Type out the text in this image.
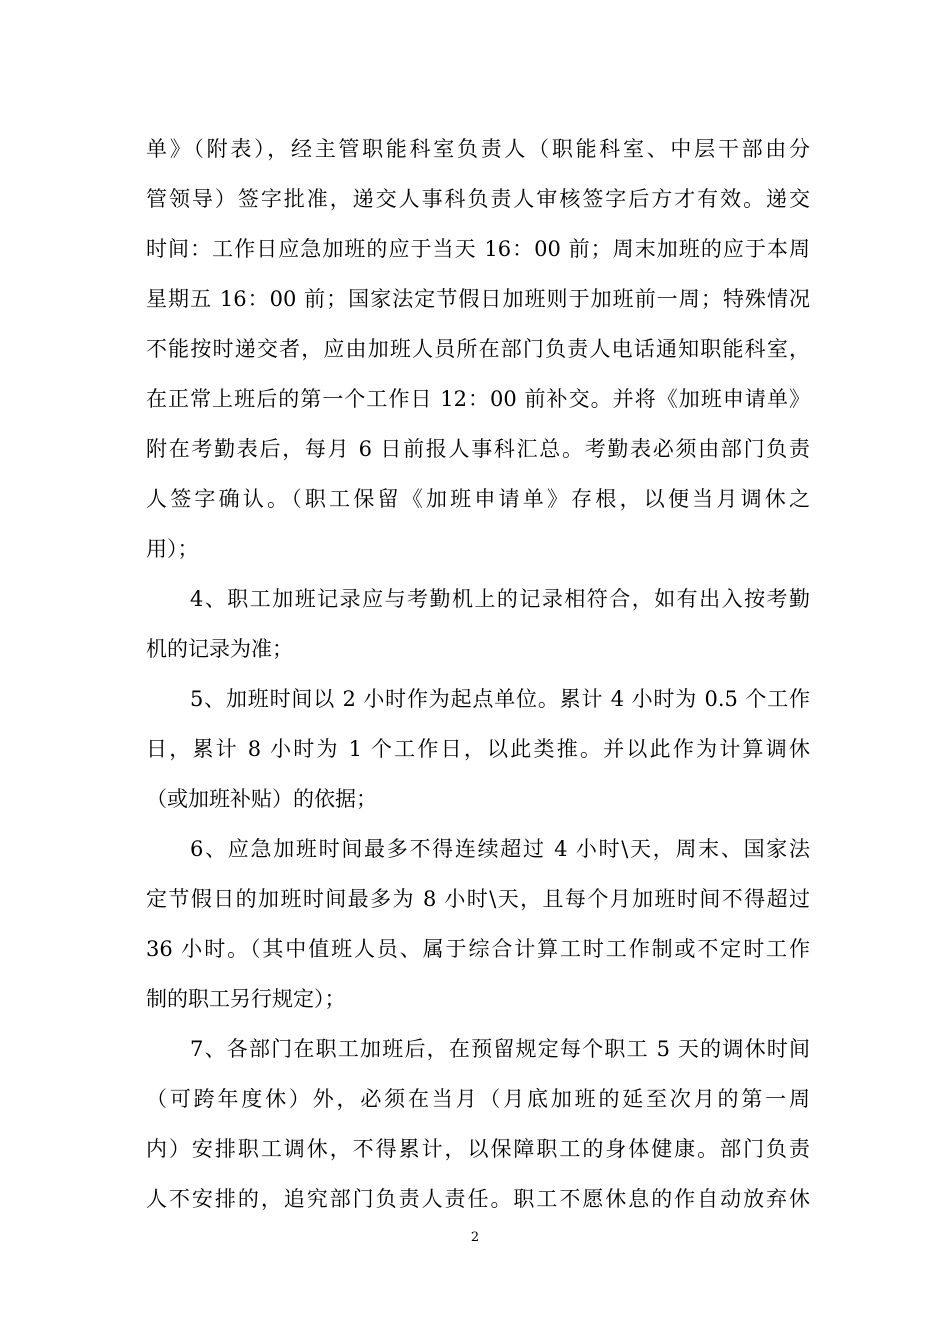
单》（附表），经主管职能科室负责人（职能科室、中层干部由分
管领导）签字批准，递交人事科负责人审核签字后方才有效。递交
时间：工作日应急加班的应于当天 16：00 前；周末加班的应于本周
星期五 16：00 前；国家法定节假日加班则于加班前一周；特殊情况
不能按时递交者，应由加班人员所在部门负责人电话通知职能科室，
在正常上班后的第一个工作日 12：00 前补交。并将《加班申请单》
附在考勤表后，每月 6 日前报人事科汇总。考勤表必须由部门负责
人签字确认。（职工保留《加班申请单》存根，以便当月调休之
用）；
4、职工加班记录应与考勤机上的记录相符合，如有出入按考勤
机的记录为准；
5、加班时间以 2 小时作为起点单位。累计 4 小时为 0.5 个工作
日，累计 8 小时为 1 个工作日，以此类推。并以此作为计算调休
（或加班补贴）的依据；
6、应急加班时间最多不得连续超过 4 小时\天，周末、国家法
定节假日的加班时间最多为 8 小时\天，且每个月加班时间不得超过
36 小时。（其中值班人员、属于综合计算工时工作制或不定时工作
制的职工另行规定）；
7、各部门在职工加班后，在预留规定每个职工 5 天的调休时间
（可跨年度休）外，必须在当月（月底加班的延至次月的第一周
内）安排职工调休，不得累计，以保障职工的身体健康。部门负责
人不安排的，追究部门负责人责任。职工不愿休息的作自动放弃休
2
